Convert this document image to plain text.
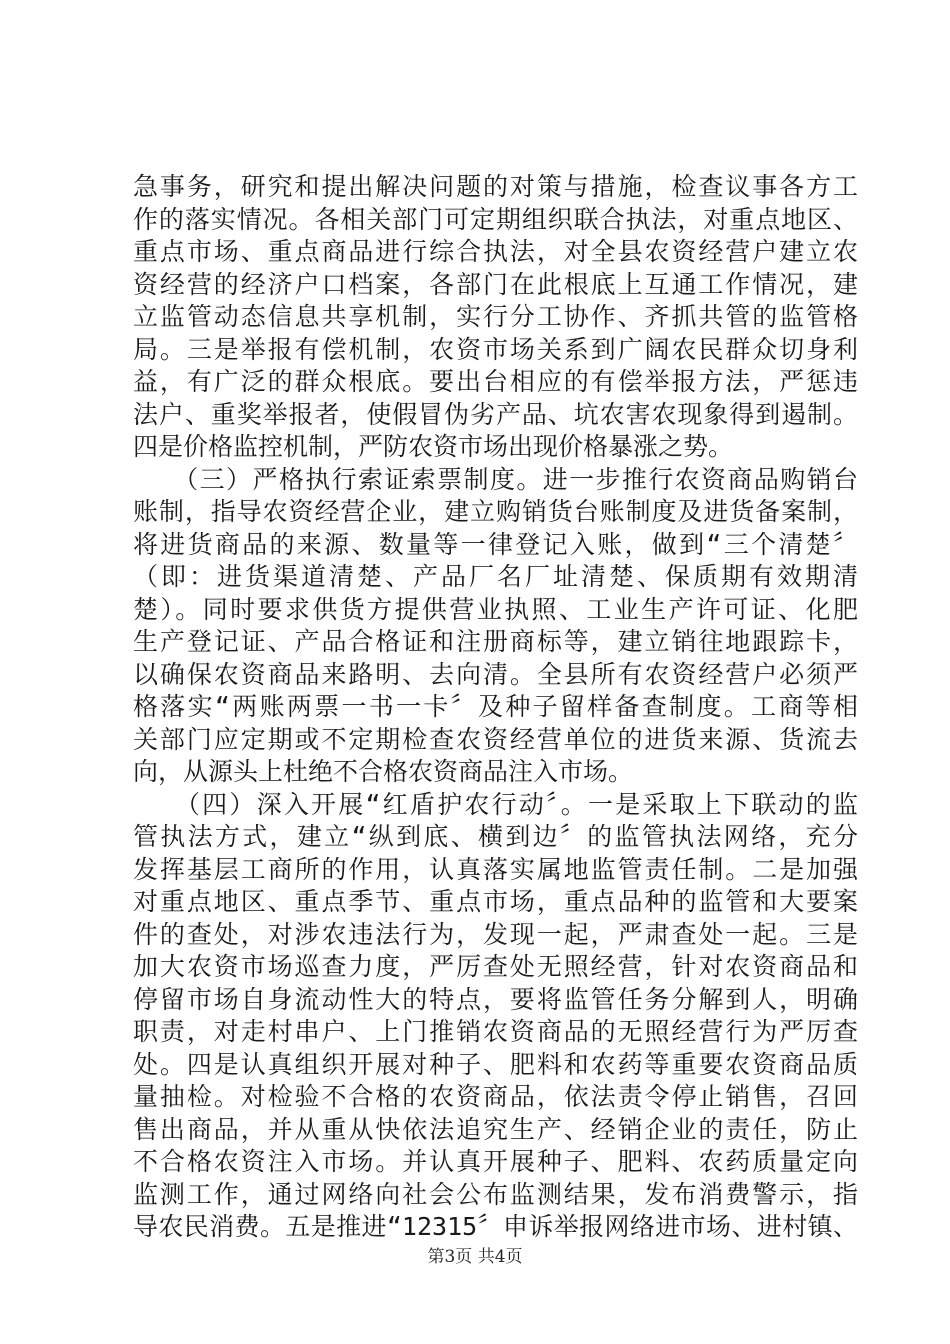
急事务，研究和提出解决问题的对策与措施，检查议事各方工
作的落实情况。各相关部门可定期组织联合执法，对重点地区、
重点市场、重点商品进行综合执法，对全县农资经营户建立农
资经营的经济户口档案，各部门在此根底上互通工作情况，建
立监管动态信息共享机制，实行分工协作、齐抓共管的监管格
局。三是举报有偿机制，农资市场关系到广阔农民群众切身利
益，有广泛的群众根底。要出台相应的有偿举报方法，严惩违
法户、重奖举报者，使假冒伪劣产品、坑农害农现象得到遏制。
四是价格监控机制，严防农资市场出现价格暴涨之势。
　　（三）严格执行索证索票制度。进一步推行农资商品购销台
账制，指导农资经营企业，建立购销货台账制度及进货备案制，
将进货商品的来源、数量等一律登记入账，做到“三个清楚〞
（即：进货渠道清楚、产品厂名厂址清楚、保质期有效期清
楚）。同时要求供货方提供营业执照、工业生产许可证、化肥
生产登记证、产品合格证和注册商标等，建立销往地跟踪卡，
以确保农资商品来路明、去向清。全县所有农资经营户必须严
格落实“两账两票一书一卡〞及种子留样备查制度。工商等相
关部门应定期或不定期检查农资经营单位的进货来源、货流去
向，从源头上杜绝不合格农资商品注入市场。
　　（四）深入开展“红盾护农行动〞。一是采取上下联动的监
管执法方式，建立“纵到底、横到边〞的监管执法网络，充分
发挥基层工商所的作用，认真落实属地监管责任制。二是加强
对重点地区、重点季节、重点市场，重点品种的监管和大要案
件的查处，对涉农违法行为，发现一起，严肃查处一起。三是
加大农资市场巡查力度，严厉查处无照经营，针对农资商品和
停留市场自身流动性大的特点，要将监管任务分解到人，明确
职责，对走村串户、上门推销农资商品的无照经营行为严厉查
处。四是认真组织开展对种子、肥料和农药等重要农资商品质
量抽检。对检验不合格的农资商品，依法责令停止销售，召回
售出商品，并从重从快依法追究生产、经销企业的责任，防止
不合格农资注入市场。并认真开展种子、肥料、农药质量定向
监测工作，通过网络向社会公布监测结果，发布消费警示，指
导农民消费。五是推进“12315〞申诉举报网络进市场、进村镇、
第3页 共4页
